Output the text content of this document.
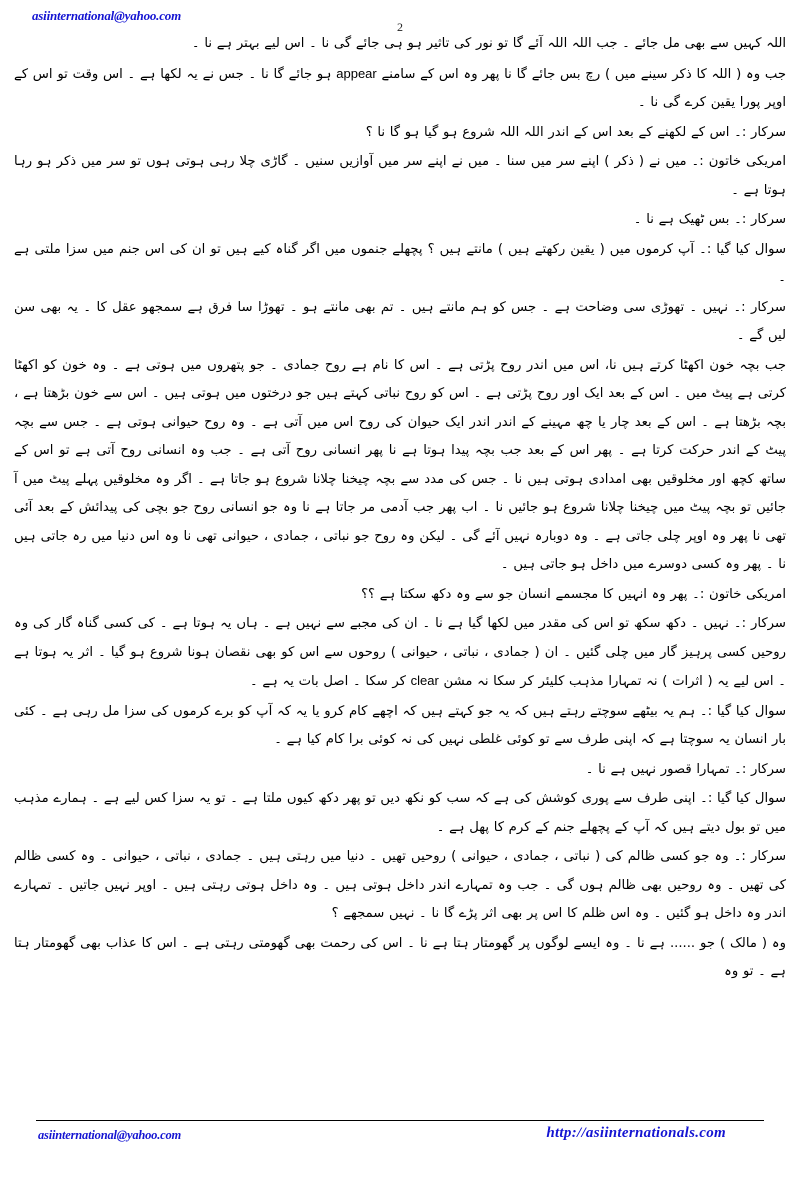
asiinternational@yahoo.com
2
اللہ کہیں سے بھی مل جائے ۔ جب اللہ اللہ آئے گا تو نور کی تاثیر ہو ہی جائے گی نا ۔ اس لیے بہتر ہے نا ۔
جب وہ ( اللہ کا ذکر سینے میں ) رچ بس جائے گا نا پھر وہ اس کے سامنے appear ہو جائے گا نا ۔ جس نے یہ لکھا ہے ۔ اس وقت تو اس کے اوپر پورا یقین کرے گی نا ۔
سرکار :۔ اس کے لکھنے کے بعد اس کے اندر اللہ اللہ شروع ہو گیا ہو گا نا ؟
امریکی خاتون :۔ میں نے ( ذکر ) اپنے سر میں سنا ۔ میں نے اپنے سر میں آوازیں سنیں ۔ گاڑی چلا رہی ہوتی ہوں تو سر میں ذکر ہو رہا ہوتا ہے ۔
سرکار :۔ بس ٹھیک ہے نا ۔
سوال کیا گیا :۔ آپ کرموں میں ( یقین رکھتے ہیں ) مانتے ہیں ؟ پچھلے جنموں میں اگر گناہ کیے ہیں تو ان کی اس جنم میں سزا ملتی ہے ۔
سرکار :۔ نہیں ۔ تھوڑی سی وضاحت ہے ۔ جس کو ہم مانتے ہیں ۔ تم بھی مانتے ہو ۔ تھوڑا سا فرق ہے سمجھو عقل کا ۔ یہ بھی سن لیں گے ۔
جب بچہ خون اکھٹا کرتے ہیں نا، اس میں اندر روح پڑتی ہے ۔ اس کا نام ہے روح جمادی ۔ جو پتھروں میں ہوتی ہے ۔ وہ خون کو اکھٹا کرتی ہے پیٹ میں ۔ اس کے بعد ایک اور روح پڑتی ہے ۔ اس کو روح نباتی کہتے ہیں جو درختوں میں ہوتی ہیں ۔ اس سے خون بڑھتا ہے ، بچہ بڑھتا ہے ۔ اس کے بعد چار یا چھ مہینے کے اندر اندر ایک حیوان کی روح اس میں آتی ہے ۔ وہ روح حیوانی ہوتی ہے ۔ جس سے بچہ پیٹ کے اندر حرکت کرتا ہے ۔ پھر اس کے بعد جب بچہ پیدا ہوتا ہے نا پھر انسانی روح آتی ہے ۔ جب وہ انسانی روح آتی ہے تو اس کے ساتھ کچھ اور مخلوقیں بھی امدادی ہوتی ہیں نا ۔ جس کی مدد سے بچہ چیخنا چلانا شروع ہو جاتا ہے ۔ اگر وہ مخلوقیں پہلے پیٹ میں آ جائیں تو بچہ پیٹ میں چیخنا چلانا شروع ہو جائیں نا ۔ اب پھر جب آدمی مر جاتا ہے نا وہ جو انسانی روح جو بچی کی پیدائش کے بعد آئی تھی نا پھر وہ اوپر چلی جاتی ہے ۔ وہ دوبارہ نہیں آئے گی ۔ لیکن وہ روح جو نباتی ، جمادی ، حیوانی تھی نا وہ اس دنیا میں رہ جاتی ہیں نا ۔ پھر وہ کسی دوسرے میں داخل ہو جاتی ہیں ۔
امریکی خاتون :۔ پھر وہ انہیں کا مجسمے انسان جو سے وہ دکھ سکتا ہے ؟؟
سرکار :۔ نہیں ۔ دکھ سکھ تو اس کی مقدر میں لکھا گیا ہے نا ۔ ان کی مجبے سے نہیں ہے ۔ ہاں یہ ہوتا ہے ۔ کی کسی گناہ گار کی وہ روحیں کسی پرہیز گار میں چلی گئیں ۔ ان ( جمادی ، نباتی ، حیوانی ) روحوں سے اس کو بھی نقصان ہونا شروع ہو گیا ۔ اثر یہ ہوتا ہے ۔ اس لیے یہ ( اثرات ) نہ تمہارا مذہب کلیئر کر سکا نہ مشن clear کر سکا ۔ اصل بات یہ ہے ۔
سوال کیا گیا :۔ ہم یہ بیٹھے سوچتے رہتے ہیں کہ یہ جو کہتے ہیں کہ اچھے کام کرو یا یہ کہ آپ کو برے کرموں کی سزا مل رہی ہے ۔ کئی بار انسان یہ سوچتا ہے کہ اپنی طرف سے تو کوئی غلطی نہیں کی نہ کوئی برا کام کیا ہے ۔
سرکار :۔ تمہارا قصور نہیں ہے نا ۔
سوال کیا گیا :۔ اپنی طرف سے پوری کوشش کی ہے کہ سب کو نکھ دیں تو پھر دکھ کیوں ملتا ہے ۔ تو یہ سزا کس لیے ہے ۔ ہمارے مذہب میں تو بول دیتے ہیں کہ آپ کے پچھلے جنم کے کرم کا پھل ہے ۔
سرکار :۔ وہ جو کسی ظالم کی ( نباتی ، جمادی ، حیوانی ) روحیں تھیں ۔ دنیا میں رہتی ہیں ۔ جمادی ، نباتی ، حیوانی ۔ وہ کسی ظالم کی تھیں ۔ وہ روحیں بھی ظالم ہوں گی ۔ جب وہ تمہارے اندر داخل ہوتی ہیں ۔ وہ داخل ہوتی رہتی ہیں ۔ اوپر نہیں جاتیں ۔ تمہارے اندر وہ داخل ہو گئیں ۔ وہ اس ظلم کا اس پر بھی اثر پڑے گا نا ۔ نہیں سمجھے ؟
وہ ( مالک ) جو ...... ہے نا ۔ وہ ایسے لوگوں پر گھومتار ہتا ہے نا ۔ اس کی رحمت بھی گھومتی رہتی ہے ۔ اس کا عذاب بھی گھومتار ہتا ہے ۔ تو وہ
asiinternational@yahoo.com	http://asiinternationals.com
